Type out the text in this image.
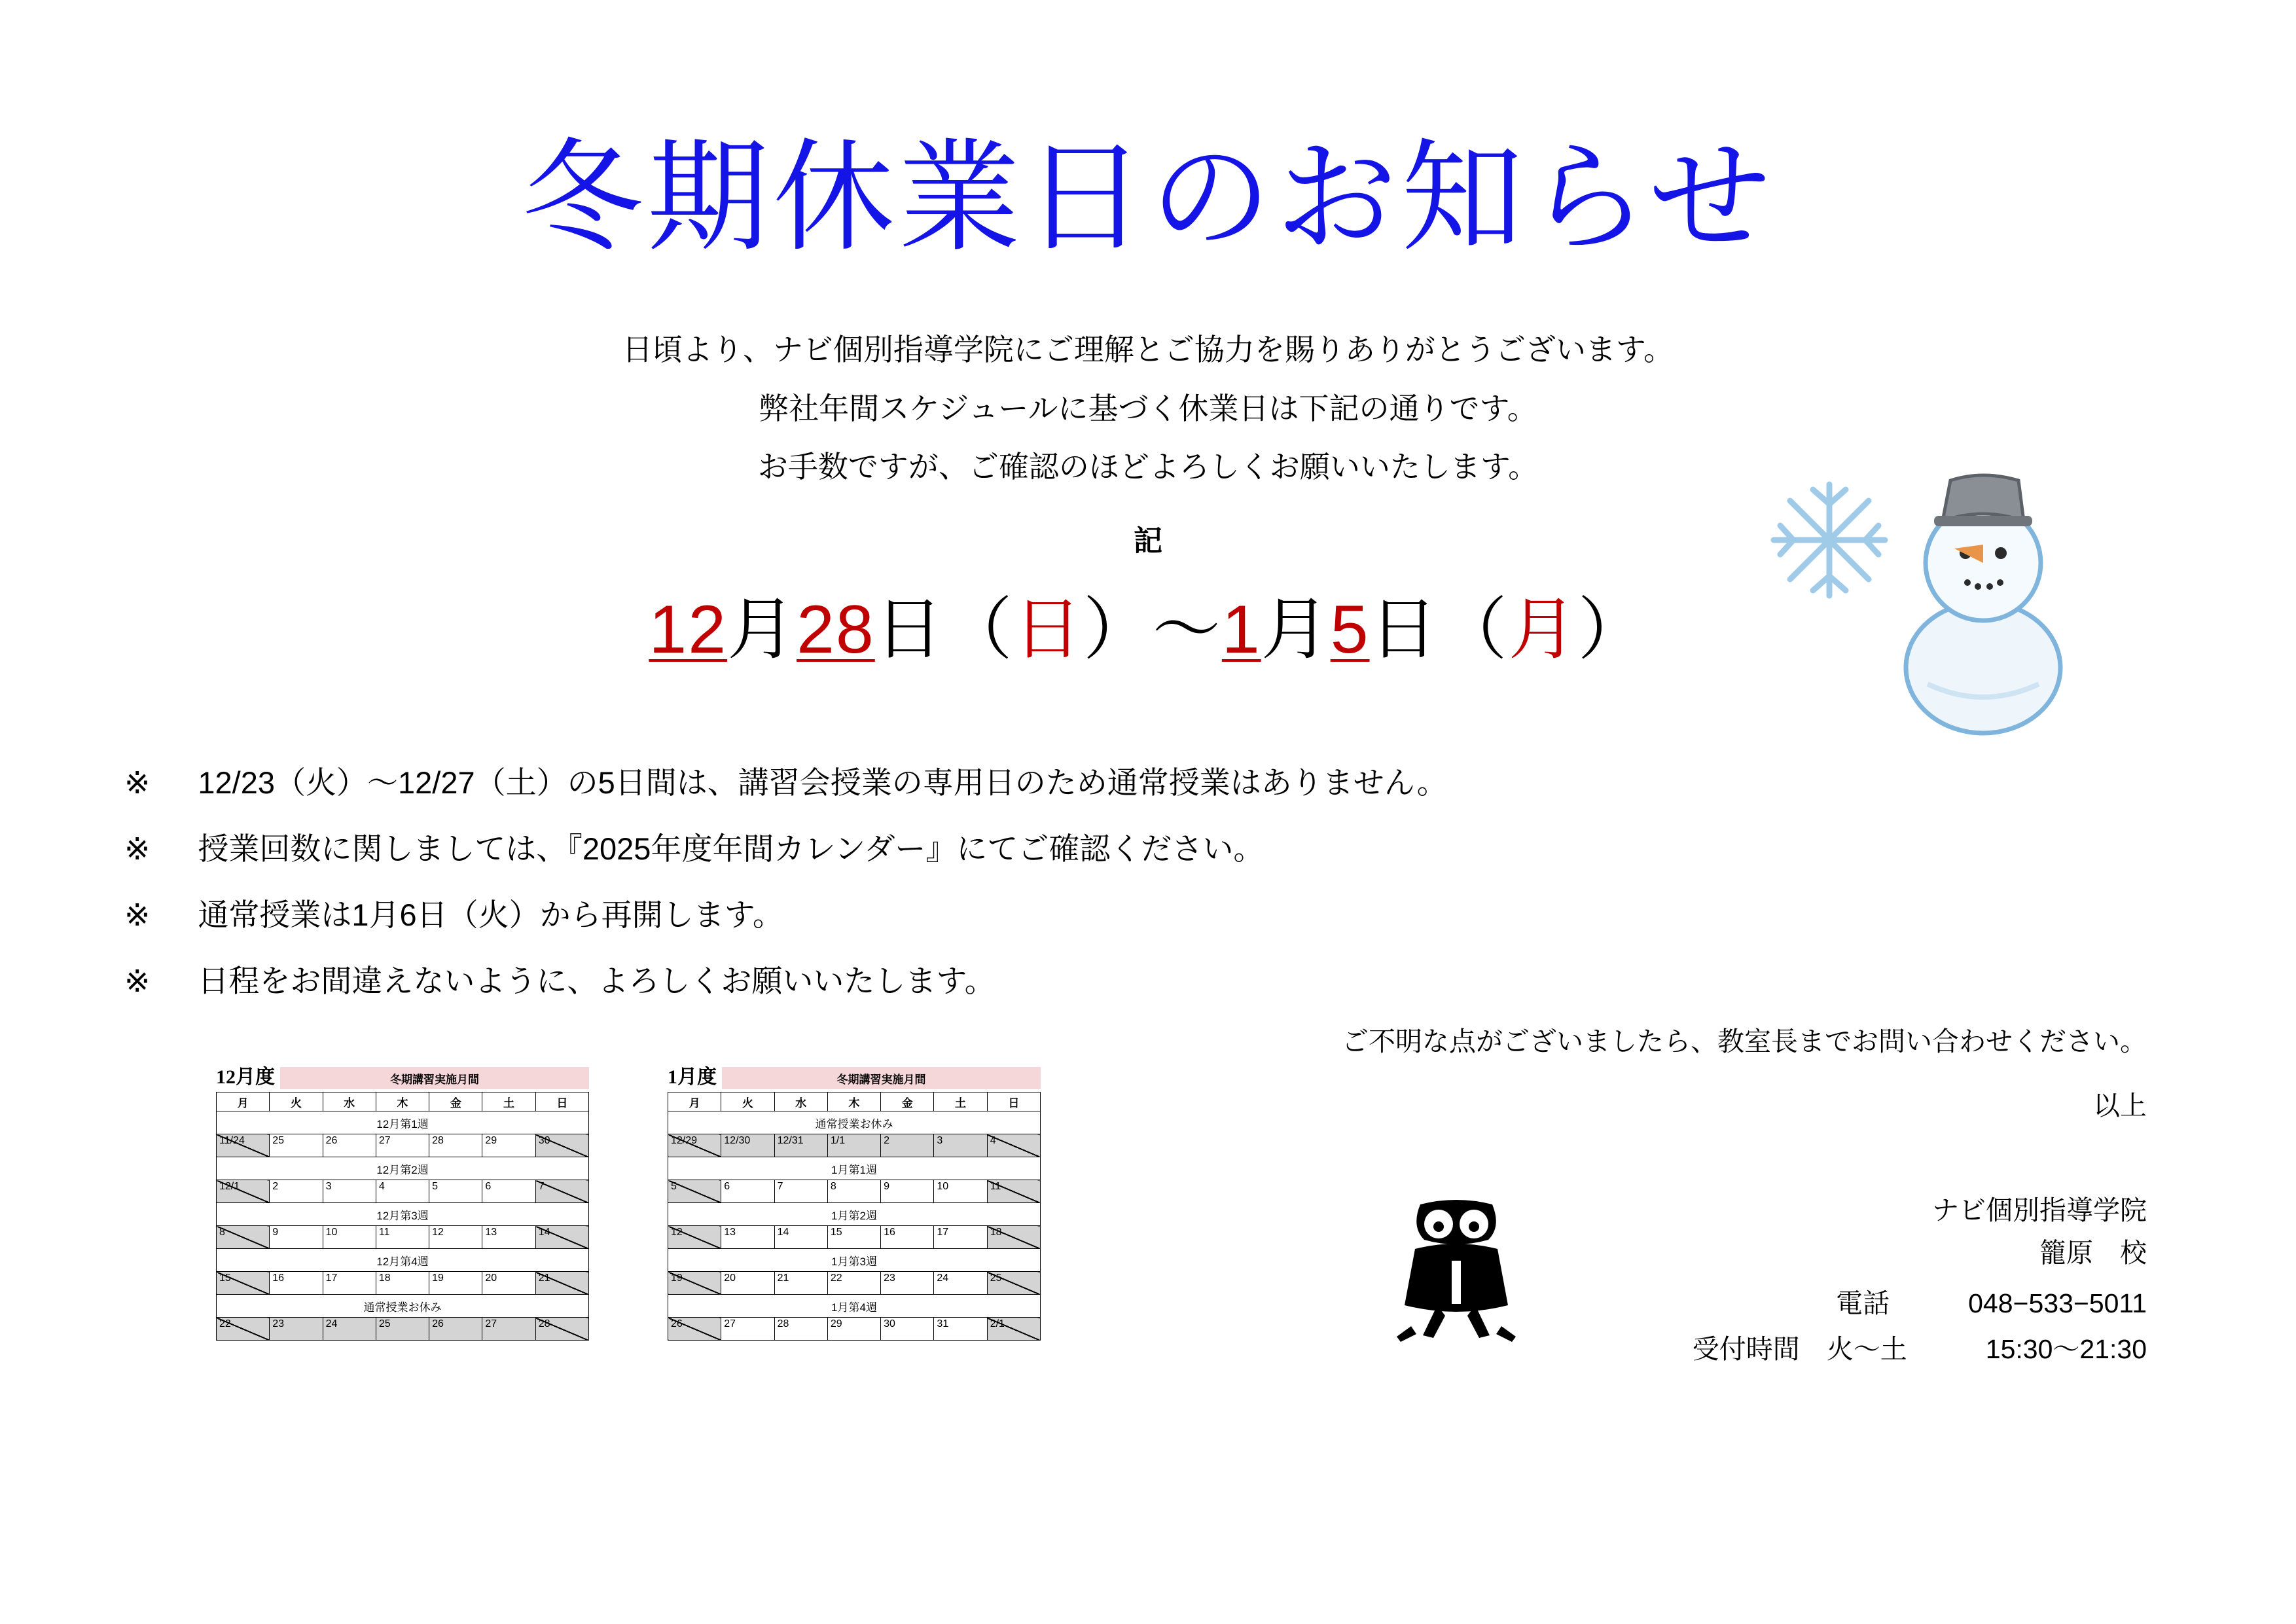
冬期休業日のお知らせ
日頃より、ナビ個別指導学院にご理解とご協力を賜りありがとうございます。
弊社年間スケジュールに基づく休業日は下記の通りです。
お手数ですが、ご確認のほどよろしくお願いいたします。
記
12月28日（日）〜1月5日（月）
※　12/23（火）〜12/27（土）の5日間は、講習会授業の専用日のため通常授業はありません。
※　授業回数に関しましては、『2025年度年間カレンダー』にてご確認ください。
※　通常授業は1月6日（火）から再開します。
※　日程をお間違えないように、よろしくお願いいたします。
ご不明な点がございましたら、教室長までお問い合わせください。
以上
ナビ個別指導学院
籠原　校
電話	048−533−5011
受付時間　火〜土	15:30〜21:30
12月度	冬期講習実施月間
月	火	水	木	金	土	日
12月第1週						

11/24	25	26	27	28	29	30

12月第2週						

12/1	2	3	4	5	6	7

12月第3週						

8	9	10	11	12	13	14

12月第4週						

15	16	17	18	19	20	21

通常授業お休み						

22	23	24	25	26	27	28
1月度	冬期講習実施月間
月	火	水	木	金	土	日
通常授業お休み						

12/29	12/30	12/31	1/1	2	3	4

1月第1週						

5	6	7	8	9	10	11

1月第2週						

12	13	14	15	16	17	18

1月第3週						

19	20	21	22	23	24	25

1月第4週						

26	27	28	29	30	31	2/1
